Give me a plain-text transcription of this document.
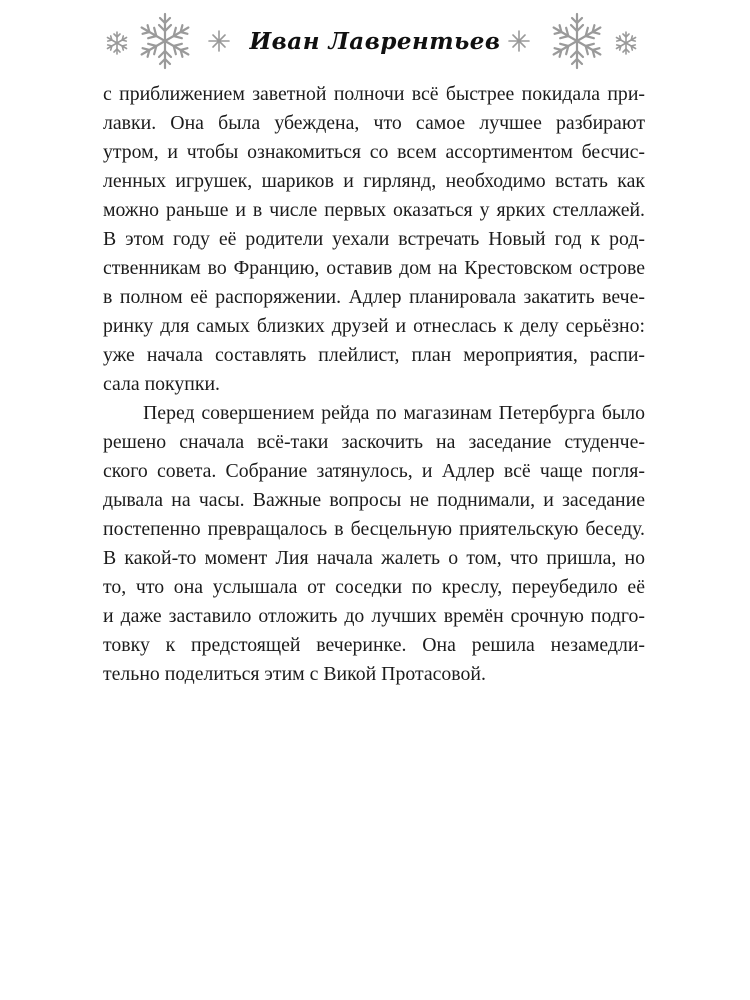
Иван Лаврентьев
с приближением заветной полночи всё быстрее покидала при-
лавки. Она была убеждена, что самое лучшее разбирают
утром, и чтобы ознакомиться со всем ассортиментом бесчис-
ленных игрушек, шариков и гирлянд, необходимо встать как
можно раньше и в числе первых оказаться у ярких стеллажей.
В этом году её родители уехали встречать Новый год к род-
ственникам во Францию, оставив дом на Крестовском острове
в полном её распоряжении. Адлер планировала закатить вече-
ринку для самых близких друзей и отнеслась к делу серьёзно:
уже начала составлять плейлист, план мероприятия, распи-
сала покупки.
Перед совершением рейда по магазинам Петербурга было
решено сначала всё-таки заскочить на заседание студенче-
ского совета. Собрание затянулось, и Адлер всё чаще погля-
дывала на часы. Важные вопросы не поднимали, и заседание
постепенно превращалось в бесцельную приятельскую беседу.
В какой-то момент Лия начала жалеть о том, что пришла, но
то, что она услышала от соседки по креслу, переубедило её
и даже заставило отложить до лучших времён срочную подго-
товку к предстоящей вечеринке. Она решила незамедли-
тельно поделиться этим с Викой Протасовой.
